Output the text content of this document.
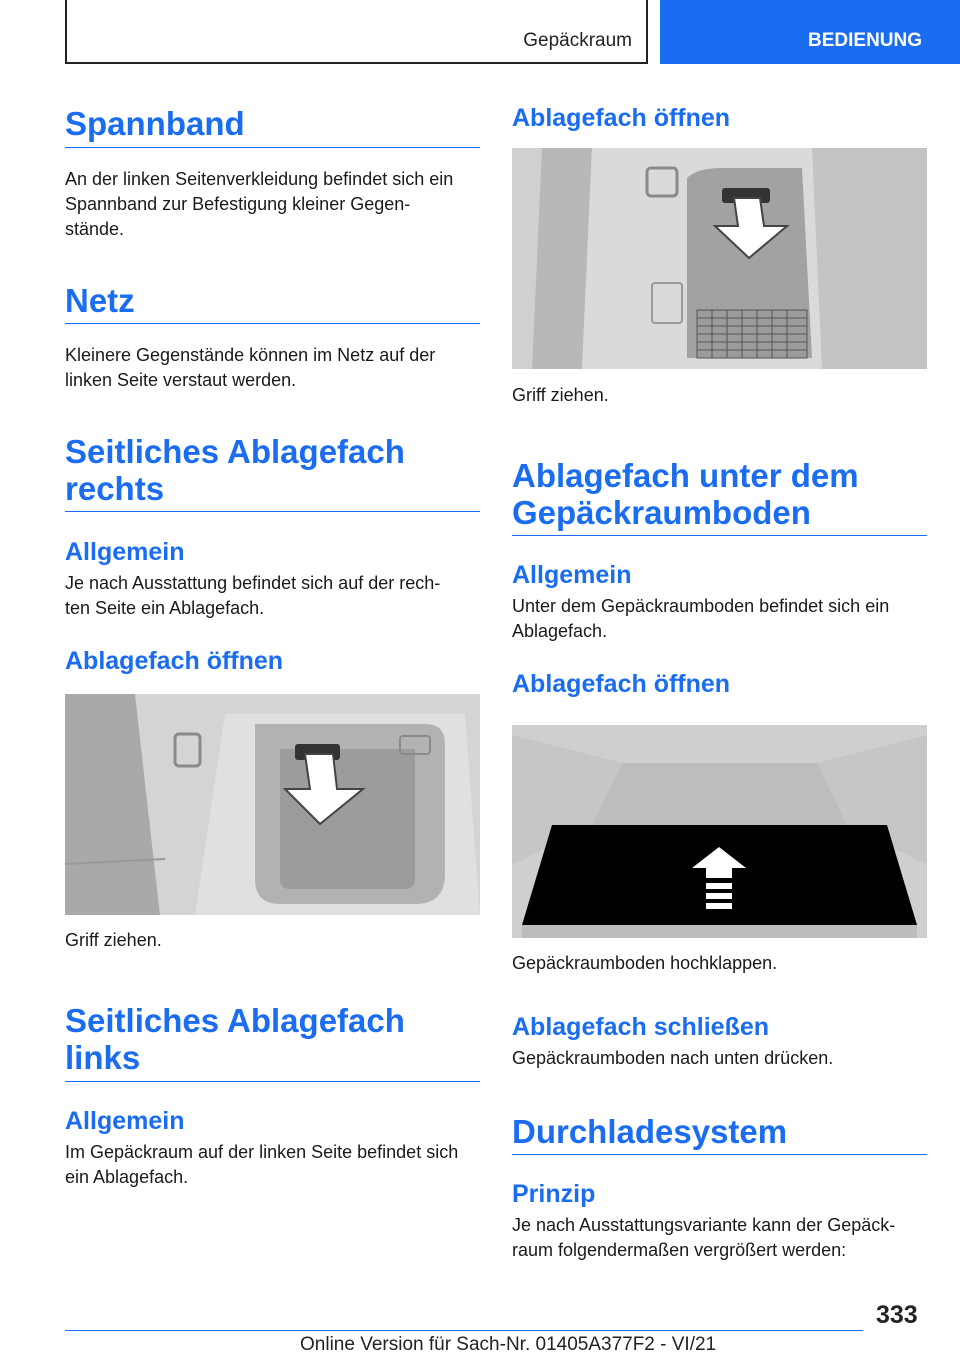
Gepäckraum	BEDIENUNG
Spannband

An der linken Seitenverkleidung befindet sich ein

Spannband zur Befestigung kleiner Gegen‐

stände.

Netz

Kleinere Gegenstände können im Netz auf der

linken Seite verstaut werden.

Seitliches Ablagefach
rechts
Allgemein

Je nach Ausstattung befindet sich auf der rech‐

ten Seite ein Ablagefach.

Ablagefach öffnen

Griff ziehen.

Seitliches Ablagefach links
Allgemein

Im Gepäckraum auf der linken Seite befindet sich

ein Ablagefach.

Ablagefach öffnen

Griff ziehen.

Ablagefach unter dem
Gepäckraumboden
Allgemein

Unter dem Gepäckraumboden befindet sich ein

Ablagefach.

Ablagefach öffnen

Gepäckraumboden hochklappen.

Ablagefach schließen

Gepäckraumboden nach unten drücken.

Durchladesystem
Prinzip

Je nach Ausstattungsvariante kann der Gepäck‐

raum folgendermaßen vergrößert werden:

333
Online Version für Sach-Nr. 01405A377F2 - VI/21
